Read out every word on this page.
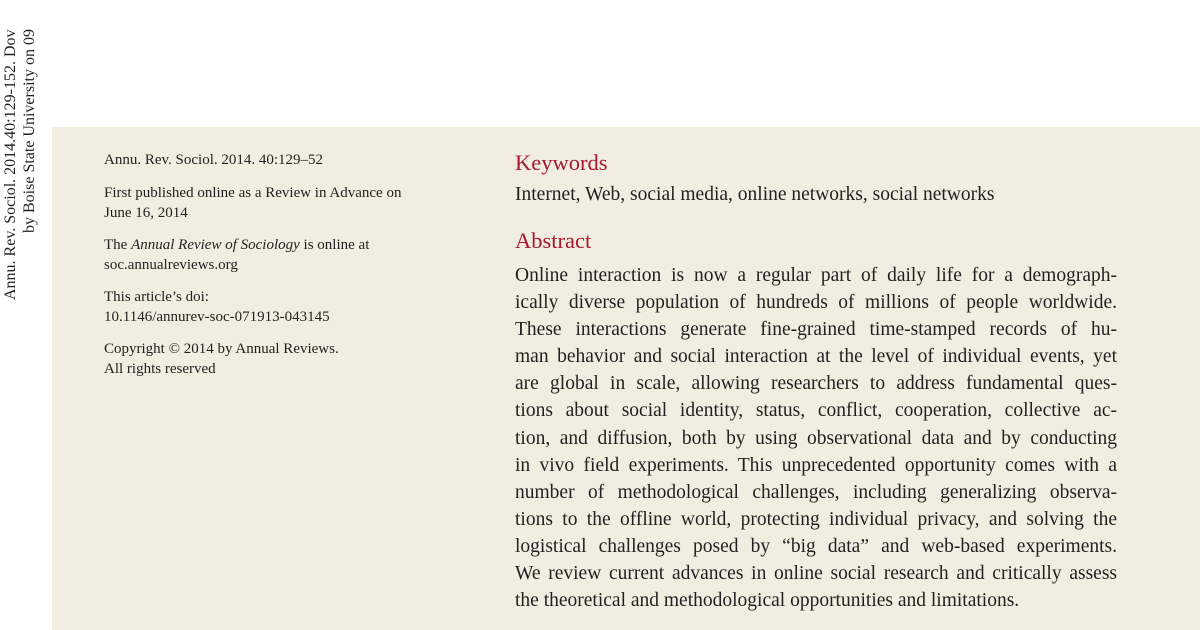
Annu. Rev. Sociol. 2014.40:129-152. Dov by Boise State University on 09	Annu. Rev. Sociol. 2014. 40:129–52
First published online as a Review in Advance on
June 16, 2014
The Annual Review of Sociology is online at
soc.annualreviews.org
This article’s doi:
10.1146/annurev-soc-071913-043145
Copyright © 2014 by Annual Reviews.
All rights reserved
Keywords

Internet, Web, social media, online networks, social networks

Abstract
Online interaction is now a regular part of daily life for a demograph-
ically diverse population of hundreds of millions of people worldwide.
These interactions generate fine-grained time-stamped records of hu-
man behavior and social interaction at the level of individual events, yet
are global in scale, allowing researchers to address fundamental ques-
tions about social identity, status, conflict, cooperation, collective ac-
tion, and diffusion, both by using observational data and by conducting
in vivo field experiments. This unprecedented opportunity comes with a
number of methodological challenges, including generalizing observa-
tions to the offline world, protecting individual privacy, and solving the
logistical challenges posed by “big data” and web-based experiments.
We review current advances in online social research and critically assess
the theoretical and methodological opportunities and limitations.
